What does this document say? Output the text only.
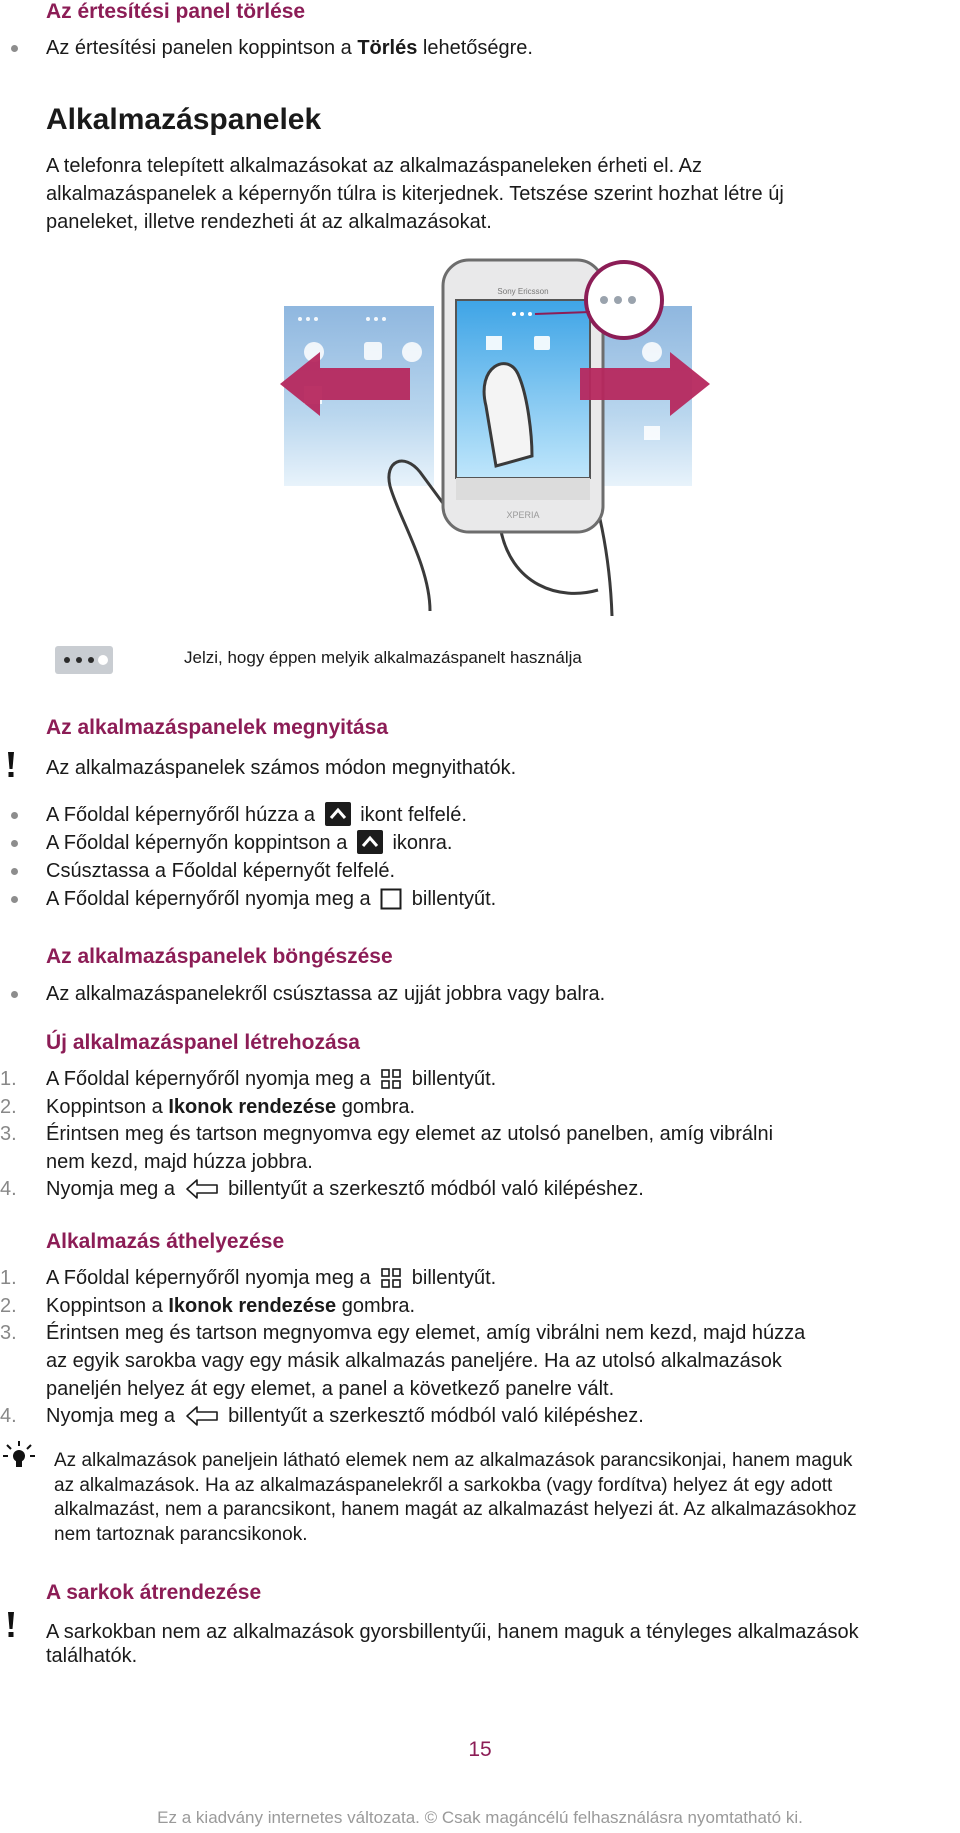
Az értesítési panel törlése
Az értesítési panelen koppintson a Törlés lehetőségre.
Alkalmazáspanelek

A telefonra telepített alkalmazásokat az alkalmazáspaneleken érheti el. Az
alkalmazáspanelek a képernyőn túlra is kiterjednek. Tetszése szerint hozhat létre új
paneleket, illetve rendezheti át az alkalmazásokat.

Sony Ericsson
XPERIA
Jelzi, hogy éppen melyik alkalmazáspanelt használja
Az alkalmazáspanelek megnyitása
Az alkalmazáspanelek számos módon megnyithatók.
A Főoldal képernyőről húzza a ikont felfelé.
A Főoldal képernyőn koppintson a ikonra.
Csúsztassa a Főoldal képernyőt felfelé.
A Főoldal képernyőről nyomja meg a billentyűt.
Az alkalmazáspanelek böngészése
Az alkalmazáspanelekről csúsztassa az ujját jobbra vagy balra.
Új alkalmazáspanel létrehozása
1. A Főoldal képernyőről nyomja meg a billentyűt.
2. Koppintson a Ikonok rendezése gombra.
3. Érintsen meg és tartson megnyomva egy elemet az utolsó panelben, amíg vibrálni
nem kezd, majd húzza jobbra.
4. Nyomja meg a	billentyűt a szerkesztő módból való kilépéshez.
Alkalmazás áthelyezése
1. A Főoldal képernyőről nyomja meg a billentyűt.
2. Koppintson a Ikonok rendezése gombra.
3. Érintsen meg és tartson megnyomva egy elemet, amíg vibrálni nem kezd, majd húzza
az egyik sarokba vagy egy másik alkalmazás paneljére. Ha az utolsó alkalmazások
paneljén helyez át egy elemet, a panel a következő panelre vált.
4. Nyomja meg a	billentyűt a szerkesztő módból való kilépéshez.
Az alkalmazások paneljein látható elemek nem az alkalmazások parancsikonjai, hanem maguk
az alkalmazások. Ha az alkalmazáspanelekről a sarkokba (vagy fordítva) helyez át egy adott
alkalmazást, nem a parancsikont, hanem magát az alkalmazást helyezi át. Az alkalmazásokhoz
nem tartoznak parancsikonok.
A sarkok átrendezése
A sarkokban nem az alkalmazások gyorsbillentyűi, hanem maguk a tényleges alkalmazások
találhatók.
15
Ez a kiadvány internetes változata. © Csak magáncélú felhasználásra nyomtatható ki.
